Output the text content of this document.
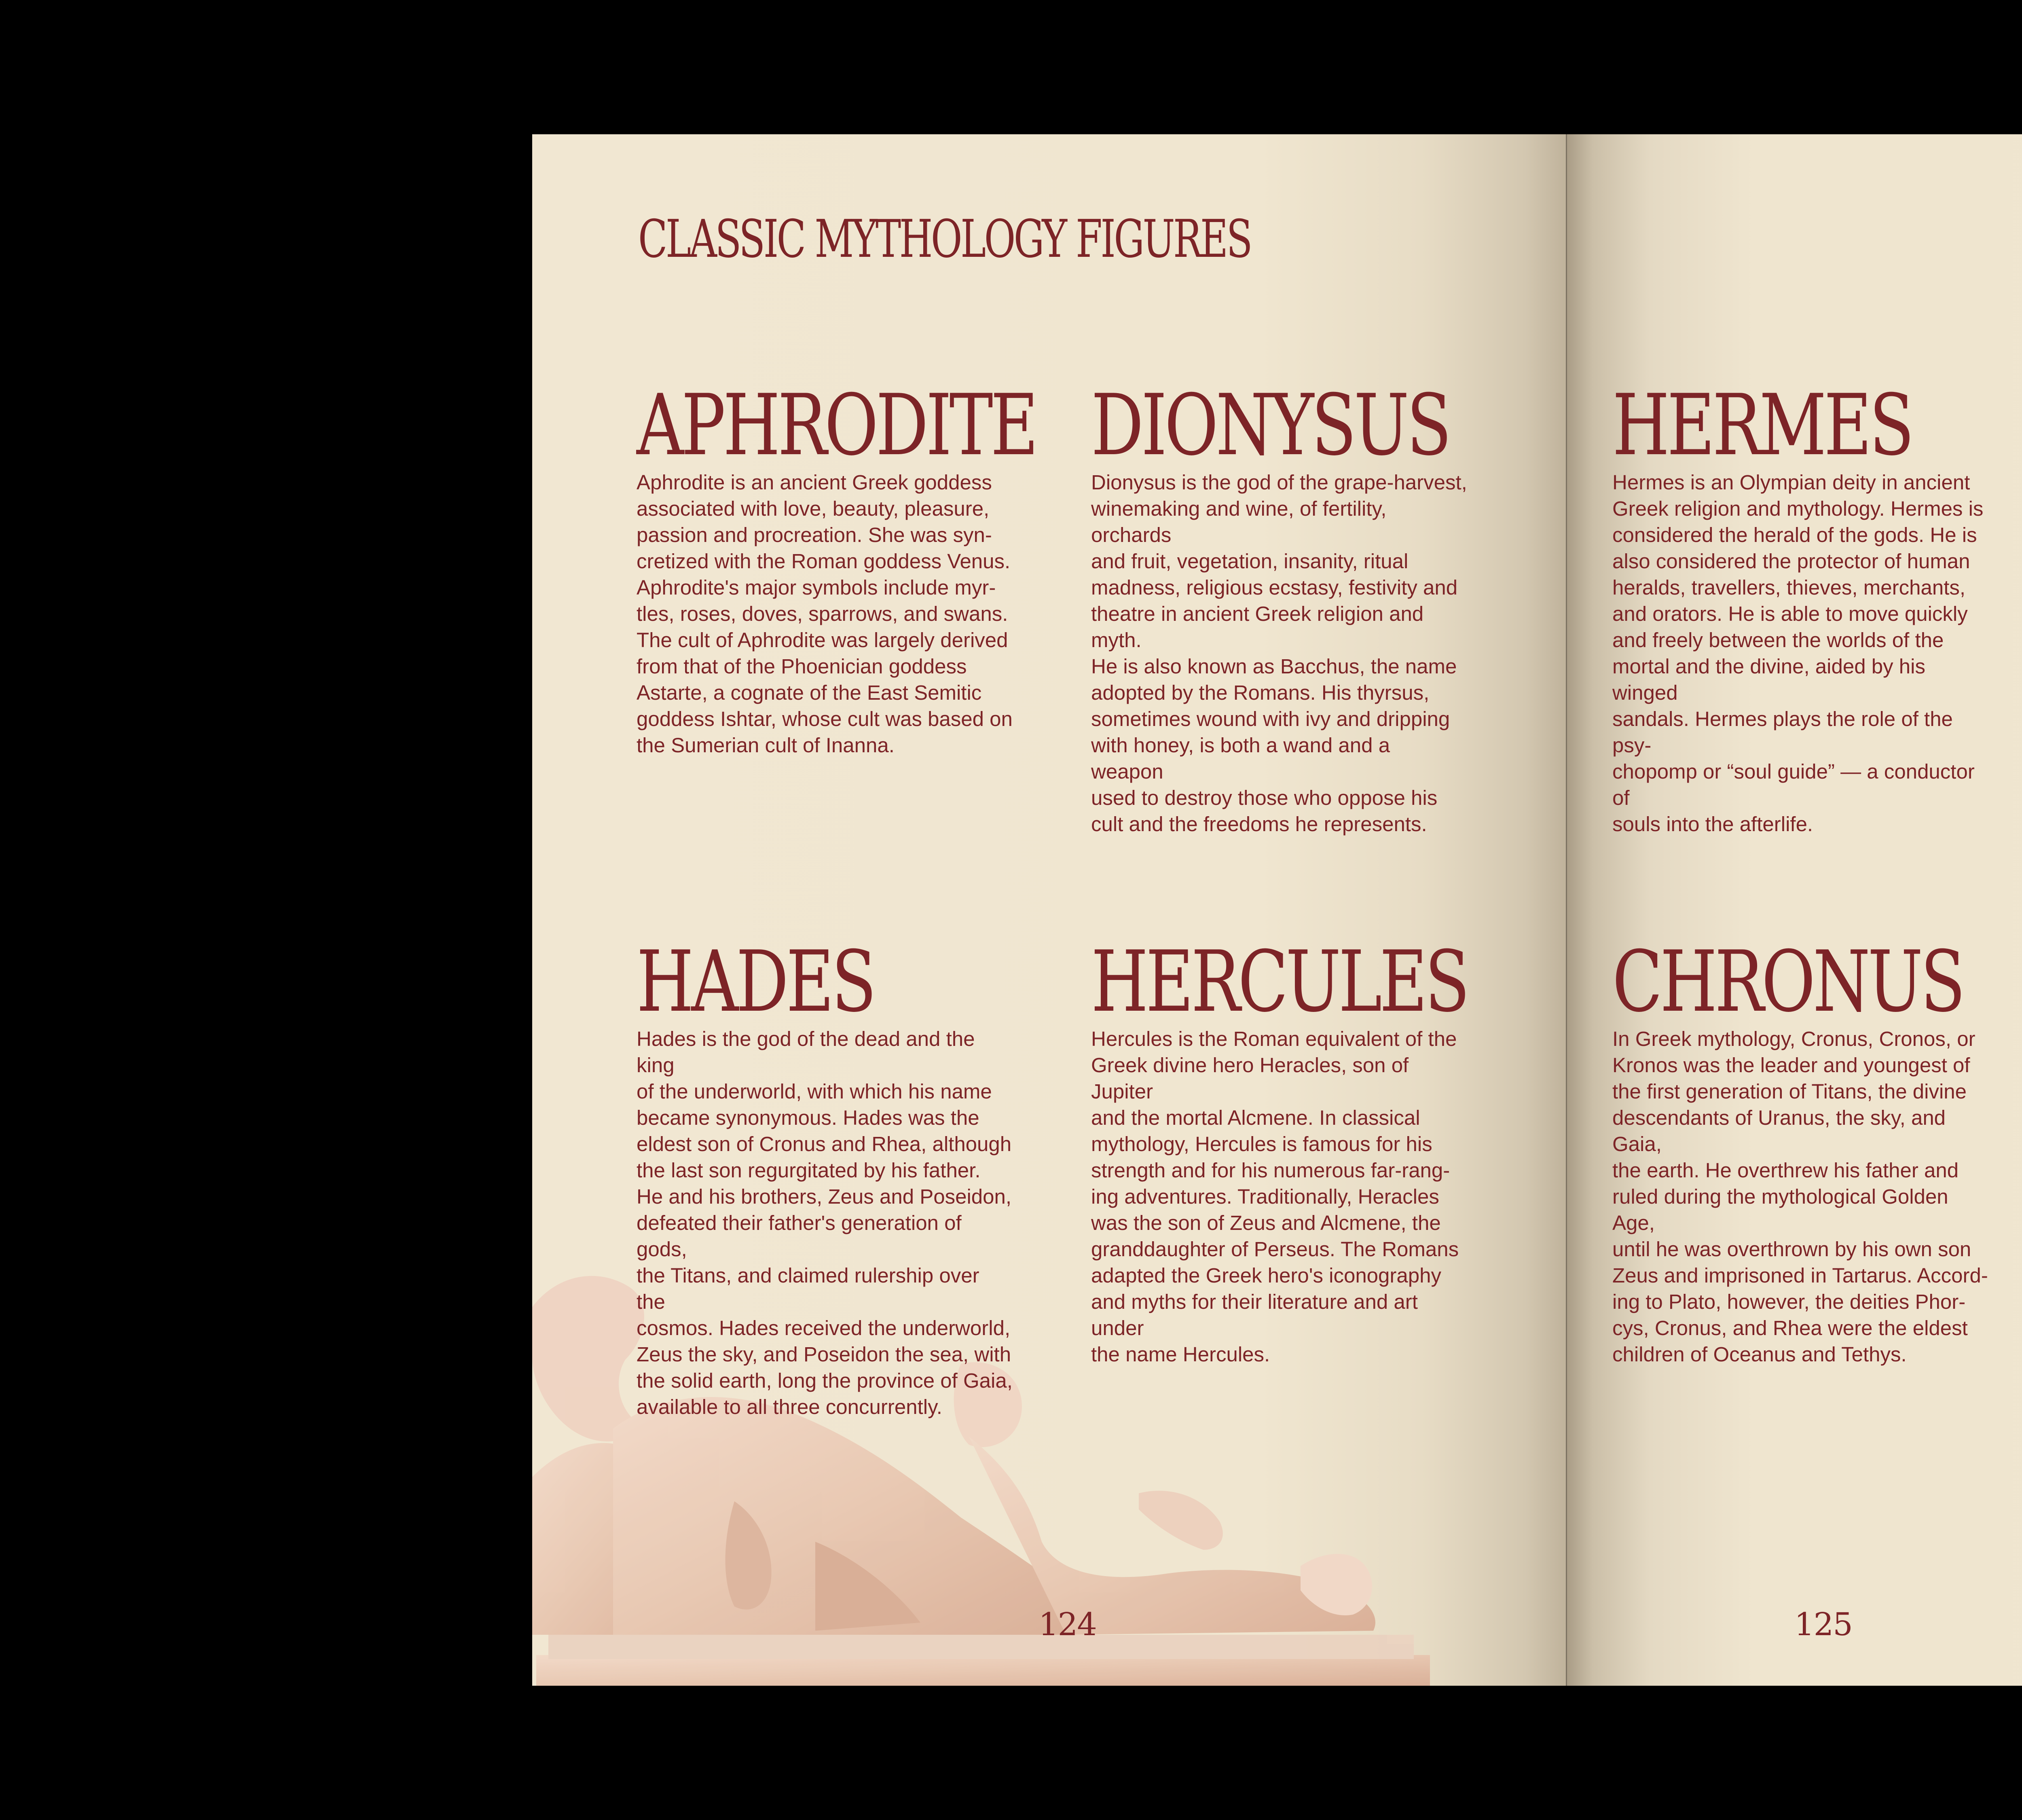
CLASSIC MYTHOLOGY FIGURES
APHRODITE

Aphrodite is an ancient Greek goddess
associated with love, beauty, pleasure,
passion and procreation. She was syn-
cretized with the Roman goddess Venus.
Aphrodite's major symbols include myr-
tles, roses, doves, sparrows, and swans.
The cult of Aphrodite was largely derived
from that of the Phoenician goddess
Astarte, a cognate of the East Semitic
goddess Ishtar, whose cult was based on
the Sumerian cult of Inanna.

DIONYSUS

Dionysus is the god of the grape-harvest,
winemaking and wine, of fertility, orchards
and fruit, vegetation, insanity, ritual
madness, religious ecstasy, festivity and
theatre in ancient Greek religion and myth.
He is also known as Bacchus, the name
adopted by the Romans. His thyrsus,
sometimes wound with ivy and dripping
with honey, is both a wand and a weapon
used to destroy those who oppose his
cult and the freedoms he represents.

HADES

Hades is the god of the dead and the king
of the underworld, with which his name
became synonymous. Hades was the
eldest son of Cronus and Rhea, although
the last son regurgitated by his father.
He and his brothers, Zeus and Poseidon,
defeated their father's generation of gods,
the Titans, and claimed rulership over the
cosmos. Hades received the underworld,
Zeus the sky, and Poseidon the sea, with
the solid earth, long the province of Gaia,
available to all three concurrently.

HERCULES

Hercules is the Roman equivalent of the
Greek divine hero Heracles, son of Jupiter
and the mortal Alcmene. In classical
mythology, Hercules is famous for his
strength and for his numerous far-rang-
ing adventures. Traditionally, Heracles
was the son of Zeus and Alcmene, the
granddaughter of Perseus. The Romans
adapted the Greek hero's iconography
and myths for their literature and art under
the name Hercules.

124

HERMES

Hermes is an Olympian deity in ancient
Greek religion and mythology. Hermes is
considered the herald of the gods. He is
also considered the protector of human
heralds, travellers, thieves, merchants,
and orators. He is able to move quickly
and freely between the worlds of the
mortal and the divine, aided by his winged
sandals. Hermes plays the role of the psy-
chopomp or “soul guide” — a conductor of
souls into the afterlife.

CHRONUS

In Greek mythology, Cronus, Cronos, or
Kronos was the leader and youngest of
the first generation of Titans, the divine
descendants of Uranus, the sky, and Gaia,
the earth. He overthrew his father and
ruled during the mythological Golden Age,
until he was overthrown by his own son
Zeus and imprisoned in Tartarus. Accord-
ing to Plato, however, the deities Phor-
cys, Cronus, and Rhea were the eldest
children of Oceanus and Tethys.

125
